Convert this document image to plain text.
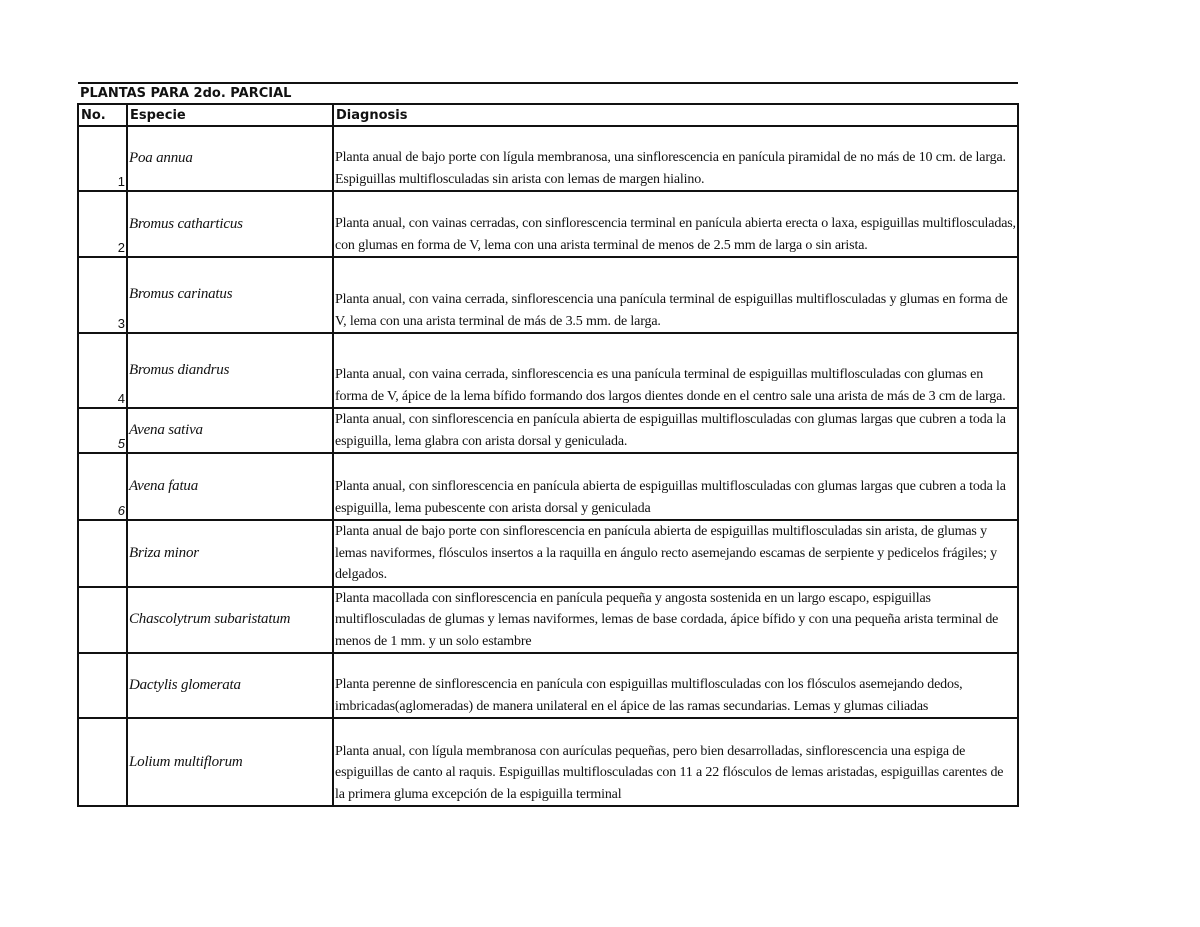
PLANTAS PARA 2do. PARCIAL		
No.	Especie	Diagnosis
1	Poa annua	Planta anual de bajo porte con lígula membranosa, una sinflorescencia en panícula piramidal de no más de 10 cm. de larga. Espiguillas multiflosculadas sin arista con lemas de margen hialino.
2	Bromus catharticus	Planta anual, con vainas cerradas, con sinflorescencia terminal en panícula abierta erecta o laxa, espiguillas multiflosculadas, con glumas en forma de V, lema con una arista terminal de menos de 2.5 mm de larga o sin arista.
3	Bromus carinatus	Planta anual, con vaina cerrada, sinflorescencia una panícula terminal de espiguillas multiflosculadas y glumas en forma de V, lema con una arista terminal de más de 3.5 mm. de larga.
4	Bromus diandrus	Planta anual, con vaina cerrada, sinflorescencia es una panícula terminal de espiguillas multiflosculadas con glumas en forma de V, ápice de la lema bífido formando dos largos dientes donde en el centro sale una arista de más de 3 cm de larga.
5	Avena sativa	Planta anual, con sinflorescencia en panícula abierta de espiguillas multiflosculadas con glumas largas que cubren a toda la espiguilla, lema glabra con arista dorsal y geniculada.
6	Avena fatua	Planta anual, con sinflorescencia en panícula abierta de espiguillas multiflosculadas con glumas largas que cubren a toda la espiguilla, lema pubescente con arista dorsal y geniculada
	Briza minor	Planta anual de bajo porte con sinflorescencia en panícula abierta de espiguillas multiflosculadas sin arista, de glumas y lemas naviformes, flósculos insertos a la raquilla en ángulo recto asemejando escamas de serpiente y pedicelos frágiles; y delgados.
	Chascolytrum subaristatum	Planta macollada con sinflorescencia en panícula pequeña y angosta sostenida en un largo escapo, espiguillas multiflosculadas de glumas y lemas naviformes, lemas de base cordada, ápice bífido y con una pequeña arista terminal de menos de 1 mm. y un solo estambre
	Dactylis glomerata	Planta perenne de sinflorescencia en panícula con espiguillas multiflosculadas con los flósculos asemejando dedos, imbricadas(aglomeradas) de manera unilateral en el ápice de las ramas secundarias. Lemas y glumas ciliadas
	Lolium multiflorum	Planta anual, con lígula membranosa con aurículas pequeñas, pero bien desarrolladas, sinflorescencia una espiga de espiguillas de canto al raquis. Espiguillas multiflosculadas con 11 a 22 flósculos de lemas aristadas, espiguillas carentes de la primera gluma excepción de la espiguilla terminal
